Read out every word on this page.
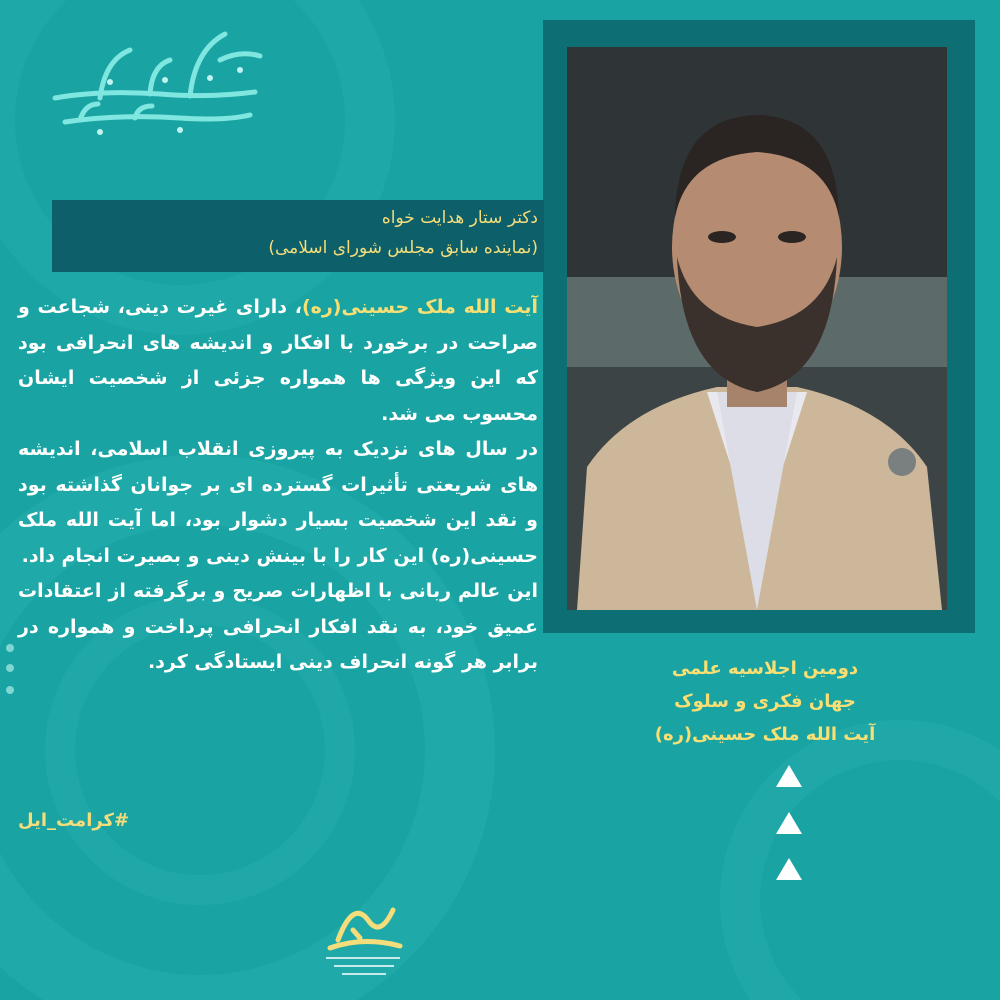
دکتر ستار هدایت خواه
(نماینده سابق مجلس شورای اسلامی)

آیت الله ملک حسینی(ره)، دارای غیرت دینی، شجاعت و صراحت در برخورد با افکار و اندیشه های انحرافی بود که این ویژگی ها همواره جزئی از شخصیت ایشان محسوب می شد.

در سال های نزدیک به پیروزی انقلاب اسلامی، اندیشه های شریعتی تأثیرات گسترده ای بر جوانان گذاشته بود و نقد این شخصیت بسیار دشوار بود، اما آیت الله ملک حسینی(ره) این کار را با بینش دینی و بصیرت انجام داد.

این عالم ربانی با اظهارات صریح و برگرفته از اعتقادات عمیق خود، به نقد افکار انحرافی پرداخت و همواره در برابر هر گونه انحراف دینی ایستادگی کرد.

#کرامت_ایل
دومین اجلاسیه علمی
جهان فکری و سلوک
آیت الله ملک حسینی(ره)
